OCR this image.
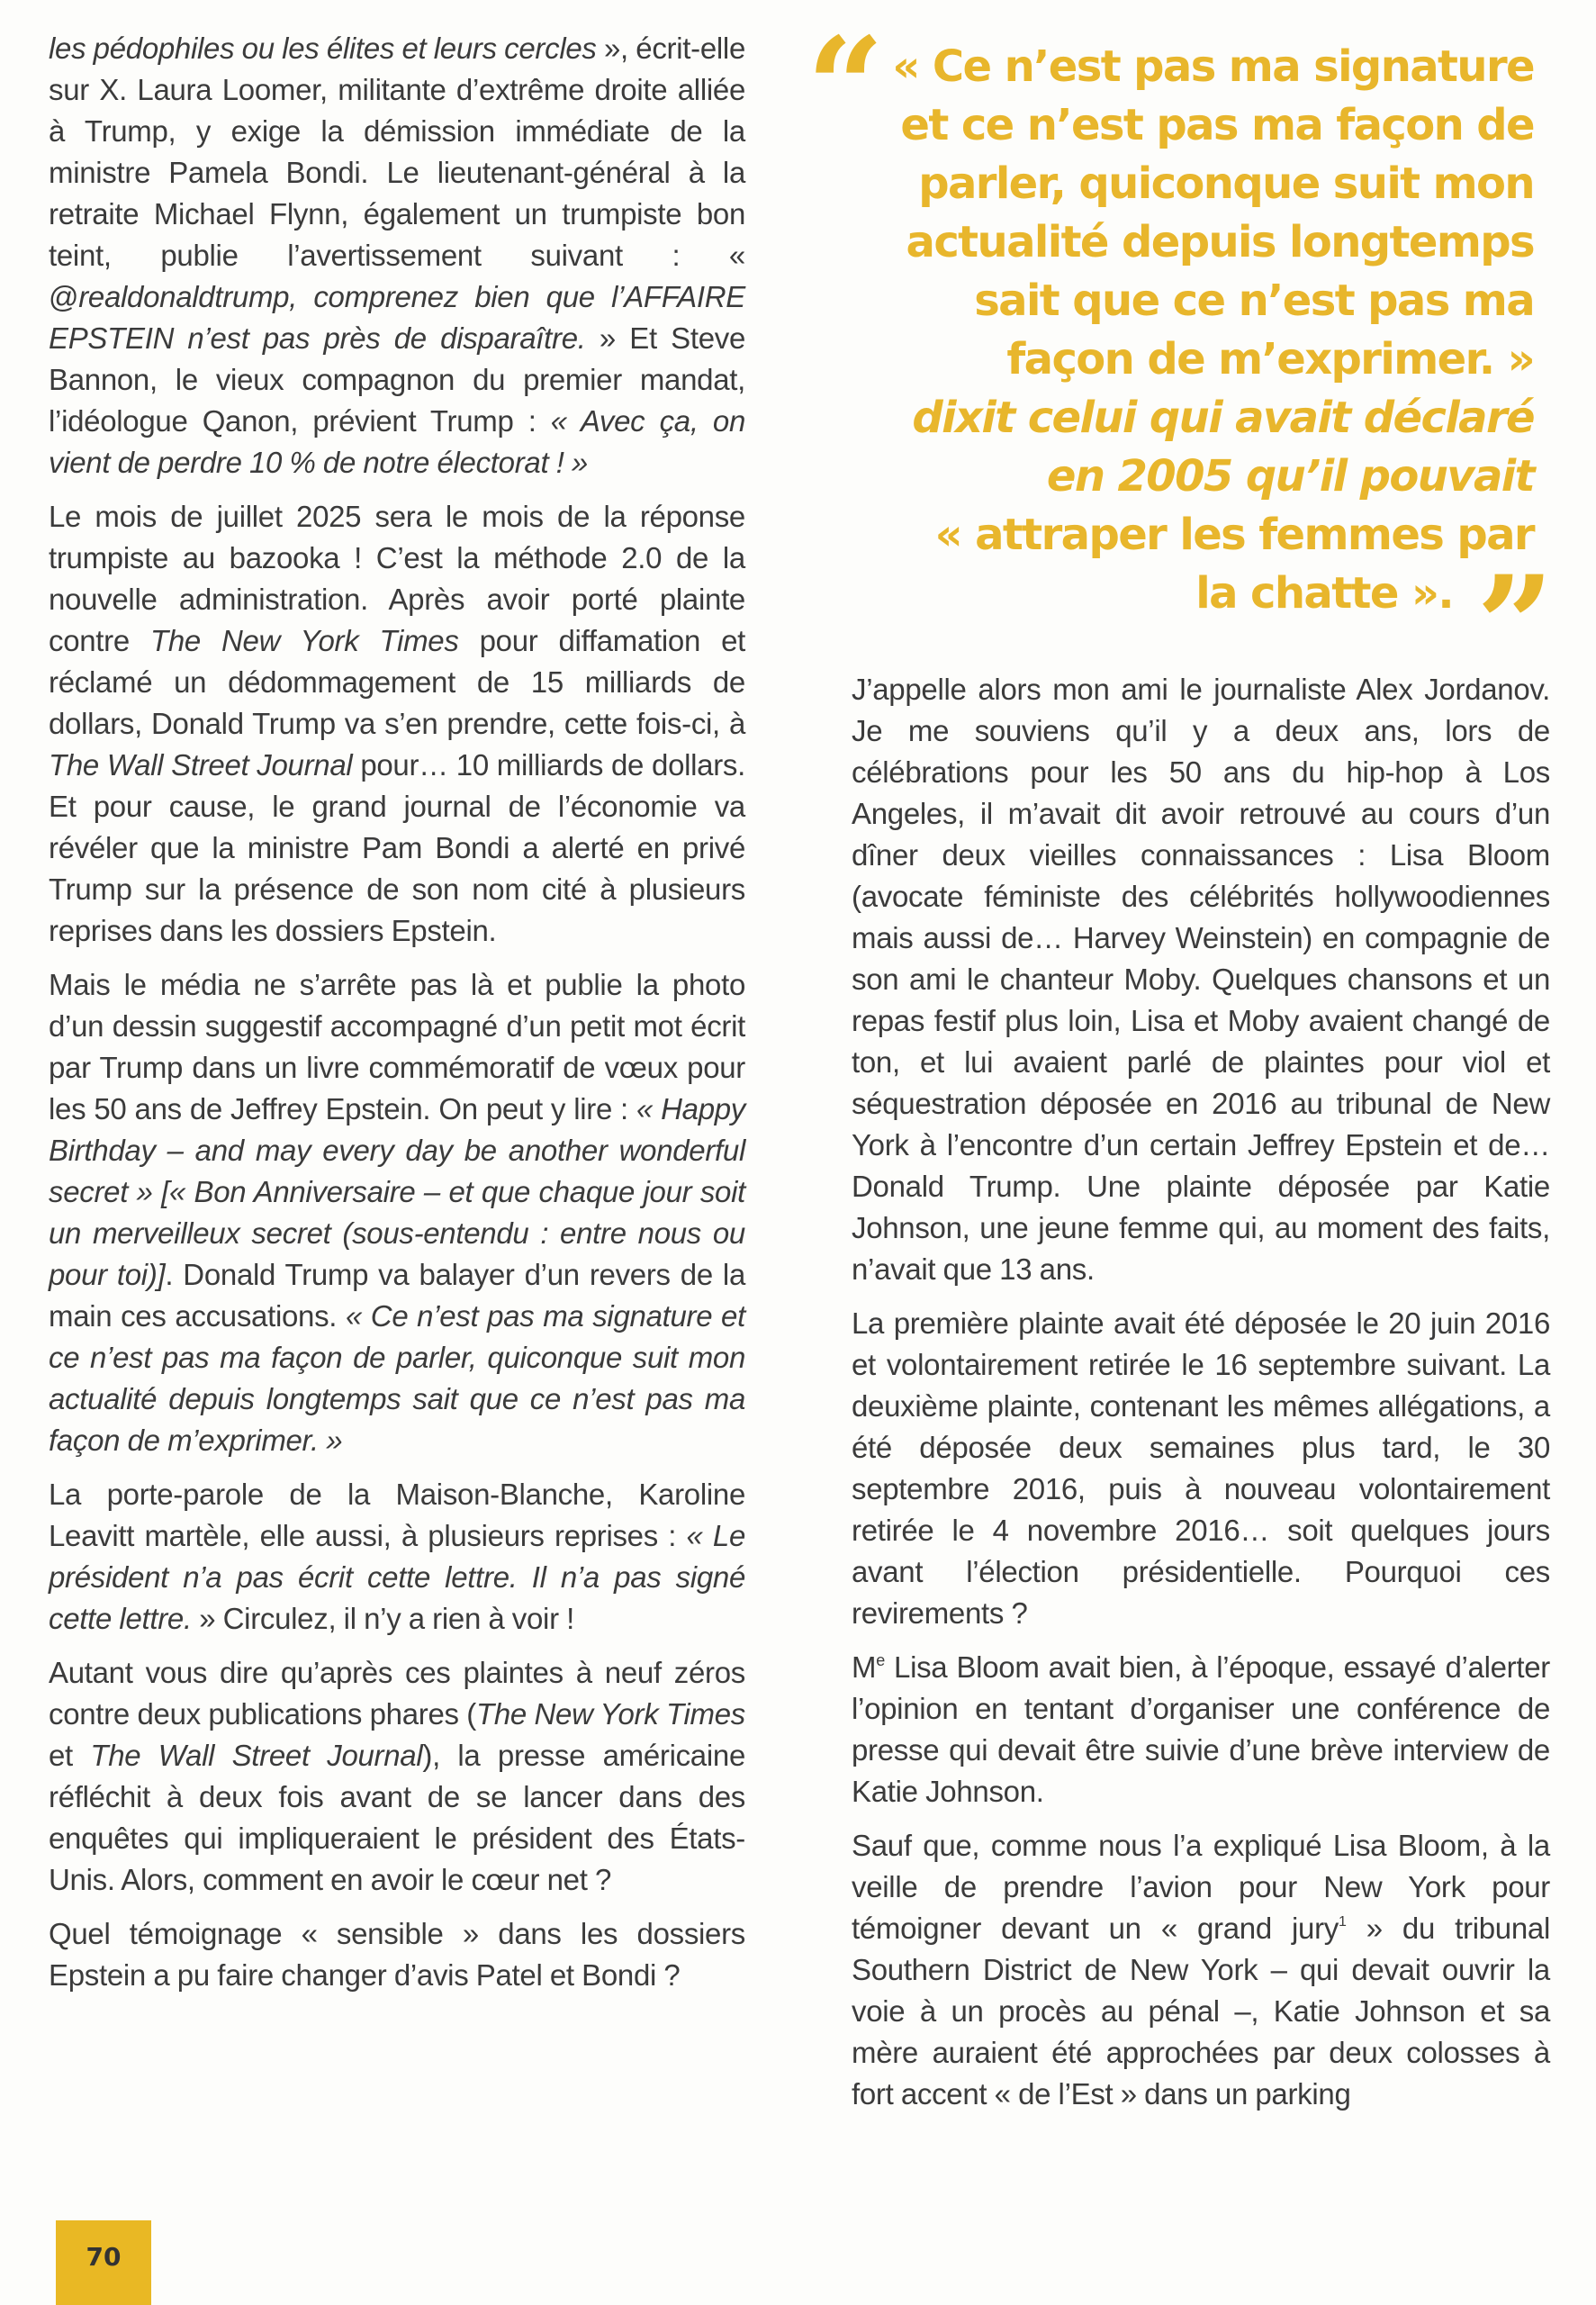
les pédophiles ou les élites et leurs cercles », écrit-elle sur X. Laura Loomer, militante d’extrême droite alliée à Trump, y exige la démission immédiate de la ministre Pamela Bondi. Le lieutenant-général à la retraite Michael Flynn, également un trumpiste bon teint, publie l’avertissement suivant : « @realdonaldtrump, comprenez bien que l’AFFAIRE EPSTEIN n’est pas près de disparaître. » Et Steve Bannon, le vieux compagnon du premier mandat, l’idéologue Qanon, prévient Trump : « Avec ça, on vient de perdre 10 % de notre électorat ! »

Le mois de juillet 2025 sera le mois de la réponse trumpiste au bazooka ! C’est la méthode 2.0 de la nouvelle administration. Après avoir porté plainte contre The New York Times pour diffamation et réclamé un dédommagement de 15 milliards de dollars, Donald Trump va s’en prendre, cette fois-ci, à The Wall Street Journal pour… 10 milliards de dollars. Et pour cause, le grand journal de l’économie va révéler que la ministre Pam Bondi a alerté en privé Trump sur la présence de son nom cité à plusieurs reprises dans les dossiers Epstein.

Mais le média ne s’arrête pas là et publie la photo d’un dessin suggestif accompagné d’un petit mot écrit par Trump dans un livre commémoratif de vœux pour les 50 ans de Jeffrey Epstein. On peut y lire : « Happy Birthday – and may every day be another wonderful secret » [« Bon Anniversaire – et que chaque jour soit un merveilleux secret (sous-entendu : entre nous ou pour toi)]. Donald Trump va balayer d’un revers de la main ces accusations. « Ce n’est pas ma signature et ce n’est pas ma façon de parler, quiconque suit mon actualité depuis longtemps sait que ce n’est pas ma façon de m’exprimer. »

La porte-parole de la Maison-Blanche, Karoline Leavitt martèle, elle aussi, à plusieurs reprises : « Le président n’a pas écrit cette lettre. Il n’a pas signé cette lettre. » Circulez, il n’y a rien à voir !

Autant vous dire qu’après ces plaintes à neuf zéros contre deux publications phares (The New York Times et The Wall Street Journal), la presse américaine réfléchit à deux fois avant de se lancer dans des enquêtes qui impliqueraient le président des États-Unis. Alors, comment en avoir le cœur net ?

Quel témoignage « sensible » dans les dossiers Epstein a pu faire changer d’avis Patel et Bondi ?

“ « Ce n’est pas ma signature
et ce n’est pas ma façon de
parler, quiconque suit mon
actualité depuis longtemps
sait que ce n’est pas ma
façon de m’exprimer. »
dixit celui qui avait déclaré
en 2005 qu’il pouvait
« attraper les femmes par
la chatte ». ”

J’appelle alors mon ami le journaliste Alex Jordanov. Je me souviens qu’il y a deux ans, lors de célébrations pour les 50 ans du hip-hop à Los Angeles, il m’avait dit avoir retrouvé au cours d’un dîner deux vieilles connaissances : Lisa Bloom (avocate féministe des célébrités hollywoodiennes mais aussi de… Harvey Weinstein) en compagnie de son ami le chanteur Moby. Quelques chansons et un repas festif plus loin, Lisa et Moby avaient changé de ton, et lui avaient parlé de plaintes pour viol et séquestration déposée en 2016 au tribunal de New York à l’encontre d’un certain Jeffrey Epstein et de… Donald Trump. Une plainte déposée par Katie Johnson, une jeune femme qui, au moment des faits, n’avait que 13 ans.

La première plainte avait été déposée le 20 juin 2016 et volontairement retirée le 16 septembre suivant. La deuxième plainte, contenant les mêmes allégations, a été déposée deux semaines plus tard, le 30 septembre 2016, puis à nouveau volontairement retirée le 4 novembre 2016… soit quelques jours avant l’élection présidentielle. Pourquoi ces revirements ?

Me Lisa Bloom avait bien, à l’époque, essayé d’alerter l’opinion en tentant d’organiser une conférence de presse qui devait être suivie d’une brève interview de Katie Johnson.

Sauf que, comme nous l’a expliqué Lisa Bloom, à la veille de prendre l’avion pour New York pour témoigner devant un « grand jury$^1$ » du tribunal Southern District de New York – qui devait ouvrir la voie à un procès au pénal –, Katie Johnson et sa mère auraient été approchées par deux colosses à fort accent « de l’Est » dans un parking

70
